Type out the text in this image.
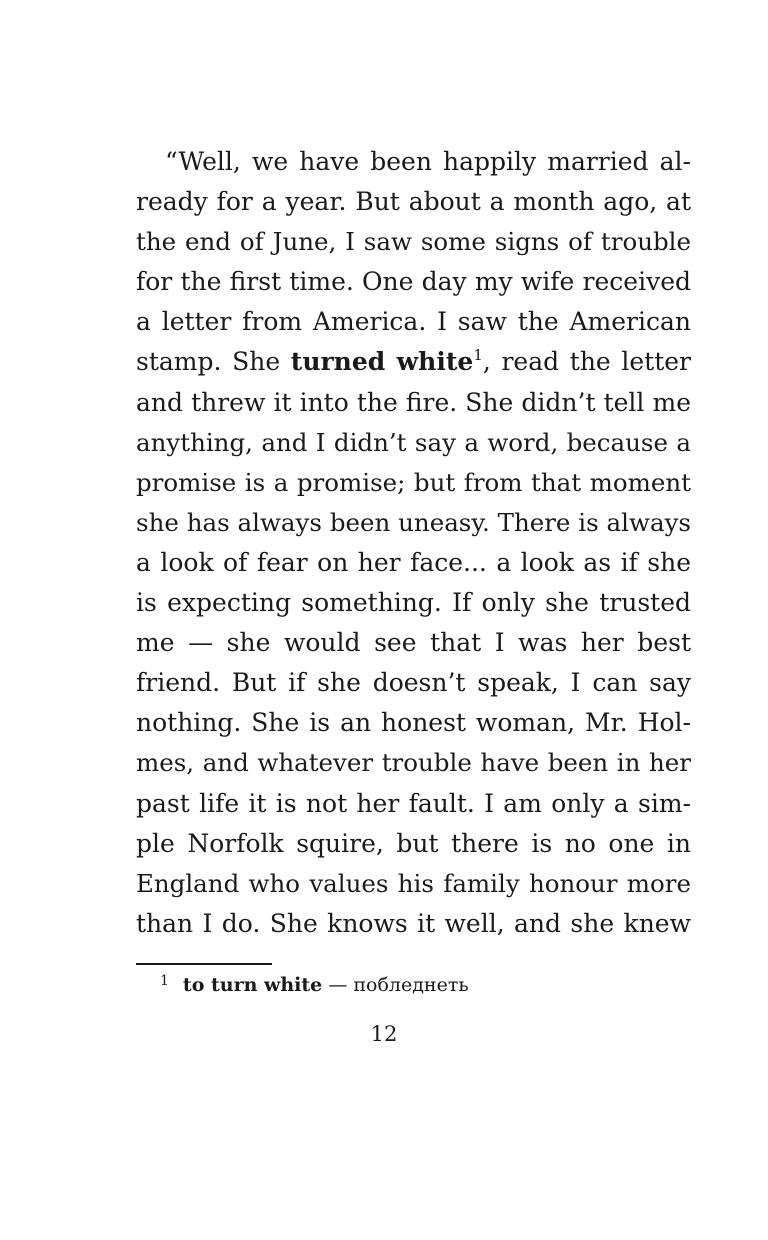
“Well, we have been happily married al-
ready for a year. But about a month ago, at
the end of June, I saw some signs of trouble
for the first time. One day my wife received
a letter from America. I saw the American
stamp. She turned white$^1$, read the letter
and threw it into the fire. She didn’t tell me
anything, and I didn’t say a word, because a
promise is a promise; but from that moment
she has always been uneasy. There is always
a look of fear on her face... a look as if she
is expecting something. If only she trusted
me — she would see that I was her best
friend. But if she doesn’t speak, I can say
nothing. She is an honest woman, Mr. Hol-
mes, and whatever trouble have been in her
past life it is not her fault. I am only a sim-
ple Norfolk squire, but there is no one in
England who values his family honour more
than I do. She knows it well, and she knew
$^1$ to turn white — побледнеть
12
